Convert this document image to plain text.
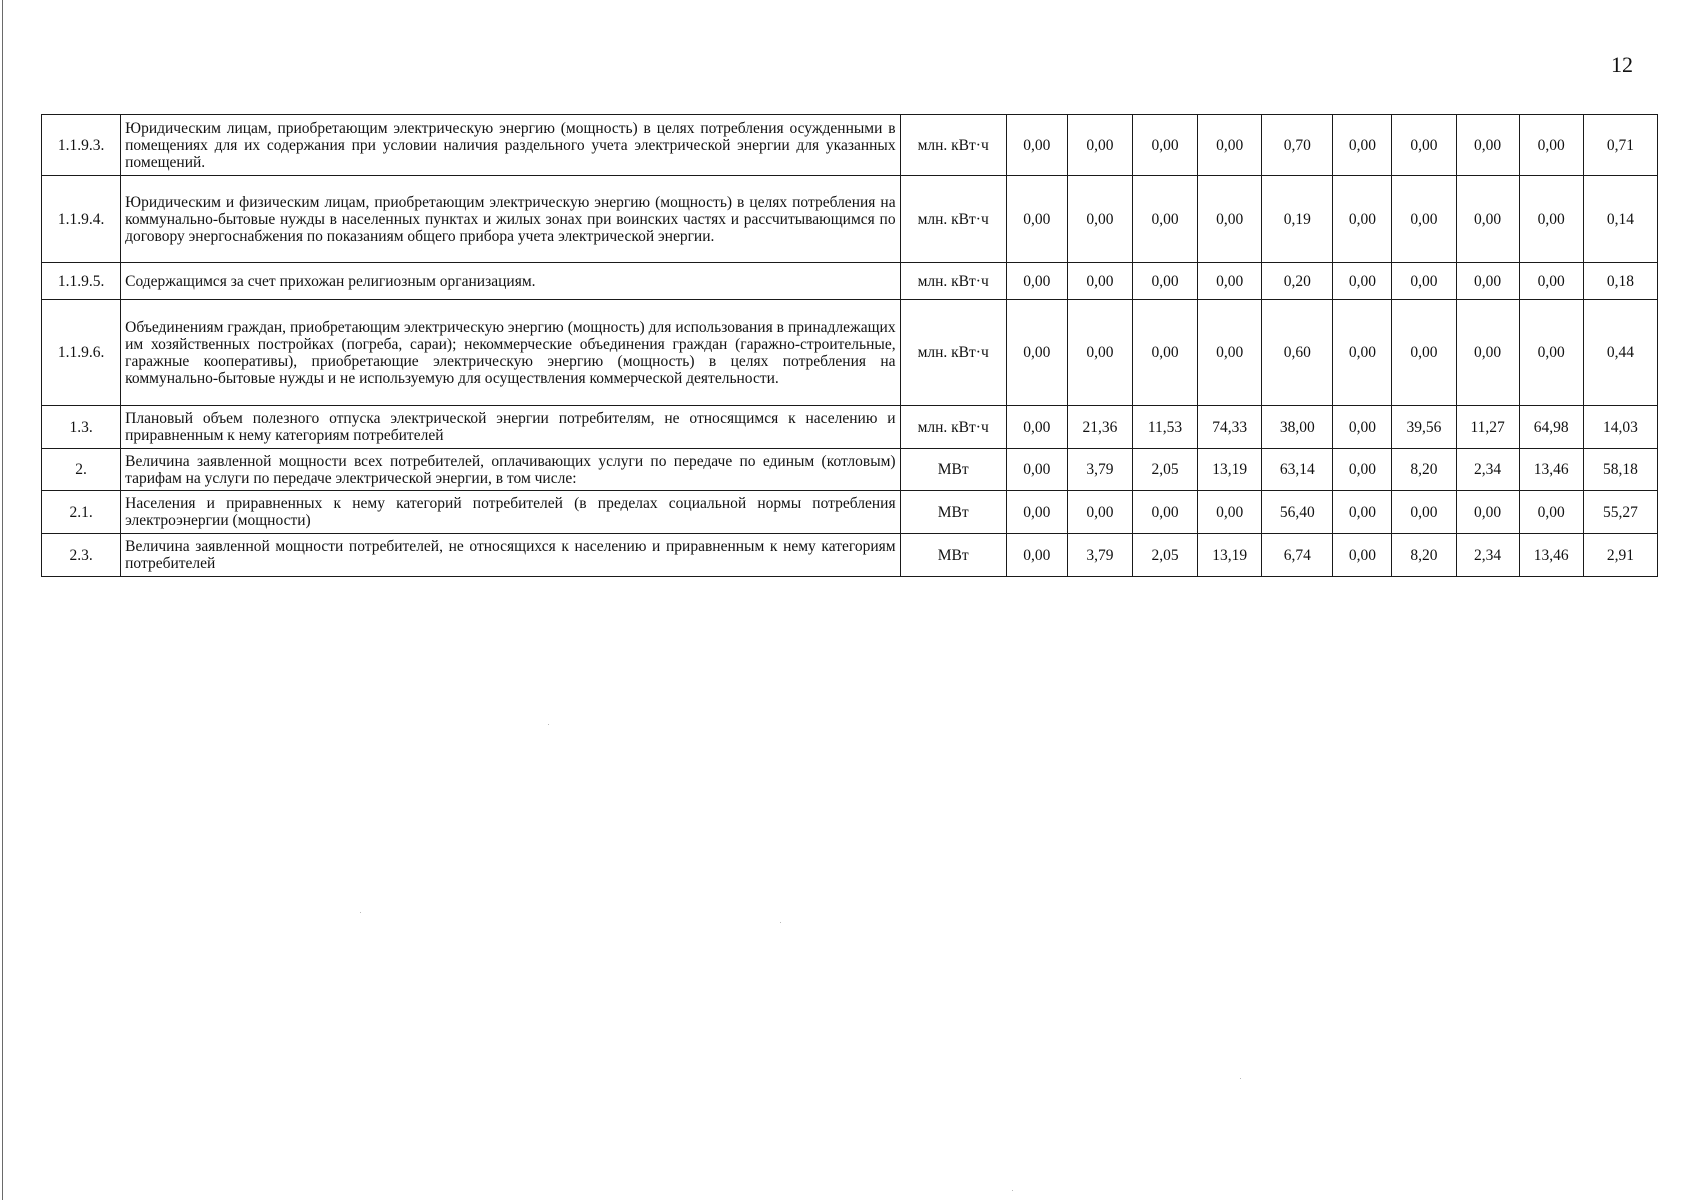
12
1.1.9.3.	Юридическим лицам, приобретающим электрическую энергию (мощность) в целях потребления осужденными в помещениях для их содержания при условии наличия раздельного учета электрической энергии для указанных помещений.	млн. кВт·ч	0,00	0,00	0,00	0,00	0,70	0,00	0,00	0,00	0,00	0,71
1.1.9.4.	Юридическим и физическим лицам, приобретающим электрическую энергию (мощность) в целях потребления на коммунально-бытовые нужды в населенных пунктах и жилых зонах при воинских частях и рассчитывающимся по договору энергоснабжения по показаниям общего прибора учета электрической энергии.	млн. кВт·ч	0,00	0,00	0,00	0,00	0,19	0,00	0,00	0,00	0,00	0,14
1.1.9.5.	Содержащимся за счет прихожан религиозным организациям.	млн. кВт·ч	0,00	0,00	0,00	0,00	0,20	0,00	0,00	0,00	0,00	0,18
1.1.9.6.	Объединениям граждан, приобретающим электрическую энергию (мощность) для использования в принадлежащих им хозяйственных постройках (погреба, сараи); некоммерческие объединения граждан (гаражно-строительные, гаражные кооперативы), приобретающие электрическую энергию (мощность) в целях потребления на коммунально-бытовые нужды и не используемую для осуществления коммерческой деятельности.	млн. кВт·ч	0,00	0,00	0,00	0,00	0,60	0,00	0,00	0,00	0,00	0,44
1.3.	Плановый объем полезного отпуска электрической энергии потребителям, не относящимся к населению и приравненным к нему категориям потребителей	млн. кВт·ч	0,00	21,36	11,53	74,33	38,00	0,00	39,56	11,27	64,98	14,03
2.	Величина заявленной мощности всех потребителей, оплачивающих услуги по передаче по единым (котловым) тарифам на услуги по передаче электрической энергии, в том числе:	МВт	0,00	3,79	2,05	13,19	63,14	0,00	8,20	2,34	13,46	58,18
2.1.	Населения и приравненных к нему категорий потребителей (в пределах социальной нормы потребления электроэнергии (мощности)	МВт	0,00	0,00	0,00	0,00	56,40	0,00	0,00	0,00	0,00	55,27
2.3.	Величина заявленной мощности потребителей, не относящихся к населению и приравненным к нему категориям потребителей	МВт	0,00	3,79	2,05	13,19	6,74	0,00	8,20	2,34	13,46	2,91
